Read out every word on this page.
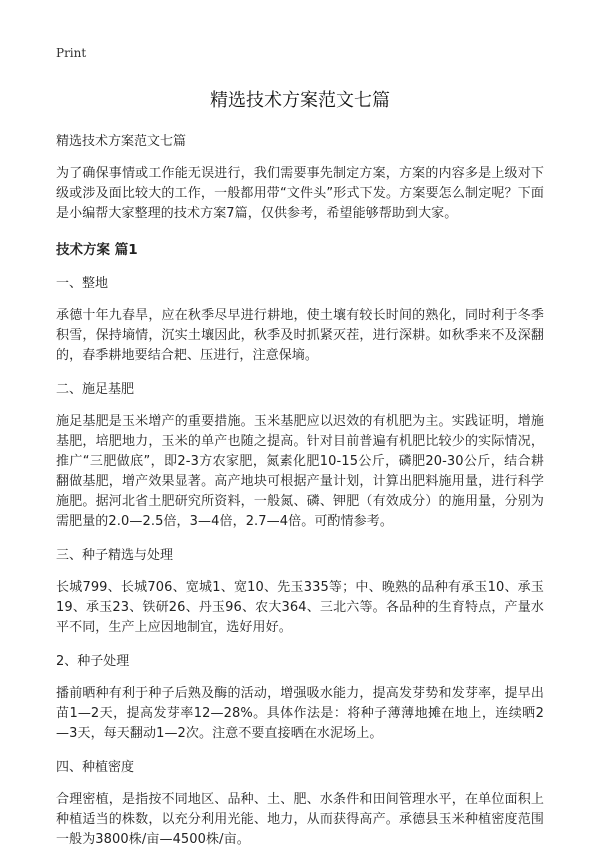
Print
精选技术方案范文七篇
精选技术方案范文七篇

为了确保事情或工作能无误进行，我们需要事先制定方案，方案的内容多是上级对下级或涉及面比较大的工作，一般都用带“文件头”形式下发。方案要怎么制定呢？下面是小编帮大家整理的技术方案7篇，仅供参考，希望能够帮助到大家。

技术方案 篇1
一、整地

承德十年九春旱，应在秋季尽早进行耕地，使土壤有较长时间的熟化，同时利于冬季积雪，保持墒情，沉实土壤因此，秋季及时抓紧灭茬，进行深耕。如秋季来不及深翻的，春季耕地要结合耙、压进行，注意保墒。

二、施足基肥

施足基肥是玉米增产的重要措施。玉米基肥应以迟效的有机肥为主。实践证明，增施基肥，培肥地力，玉米的单产也随之提高。针对目前普遍有机肥比较少的实际情况，推广“三肥做底”，即2-3方农家肥，氮素化肥10-15公斤，磷肥20-30公斤，结合耕翻做基肥，增产效果显著。高产地块可根据产量计划，计算出肥料施用量，进行科学施肥。据河北省土肥研究所资料，一般氮、磷、钾肥（有效成分）的施用量，分别为需肥量的2.0—2.5倍，3—4倍，2.7—4倍。可酌情参考。

三、种子精选与处理

长城799、长城706、宽城1、宽10、先玉335等；中、晚熟的品种有承玉10、承玉19、承玉23、铁研26、丹玉96、农大364、三北六等。各品种的生育特点，产量水平不同，生产上应因地制宜，选好用好。

2、种子处理

播前晒种有利于种子后熟及酶的活动，增强吸水能力，提高发芽势和发芽率，提早出苗1—2天，提高发芽率12—28%。具体作法是：将种子薄薄地摊在地上，连续晒2—3天，每天翻动1—2次。注意不要直接晒在水泥场上。

四、种植密度

合理密植，是指按不同地区、品种、土、肥、水条件和田间管理水平，在单位面积上种植适当的株数，以充分利用光能、地力，从而获得高产。承德县玉米种植密度范围一般为3800株/亩—4500株/亩。
